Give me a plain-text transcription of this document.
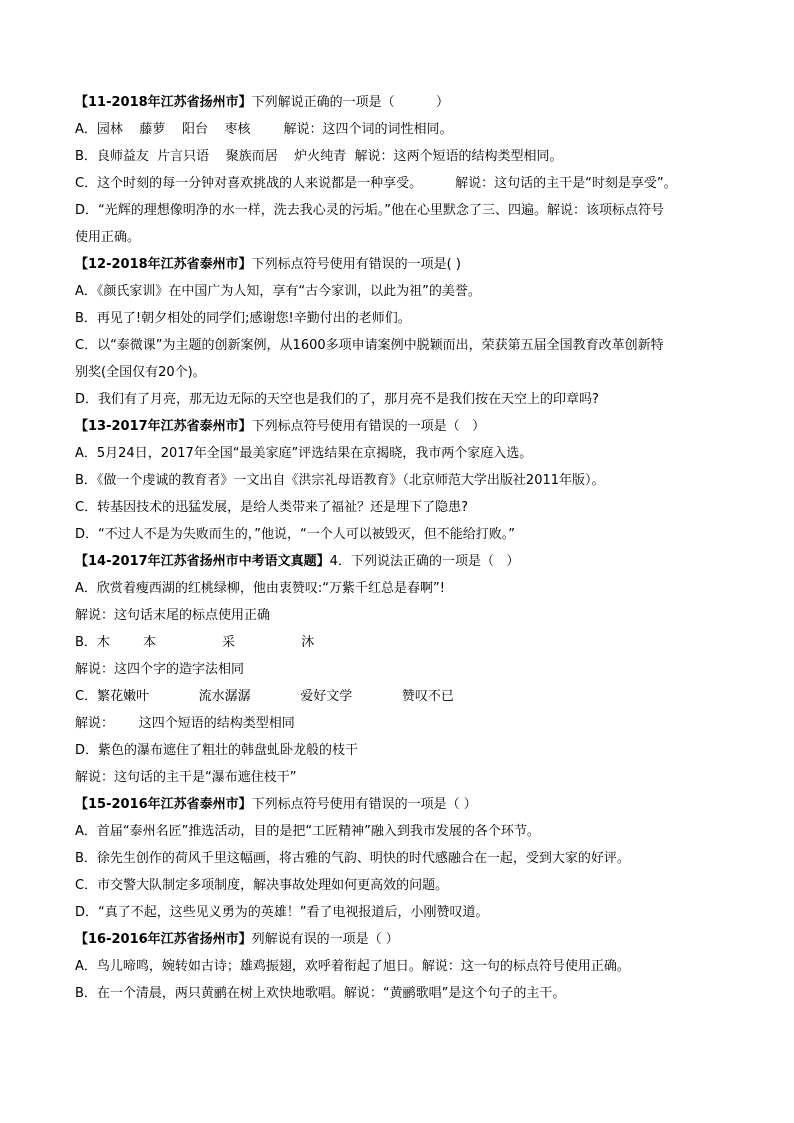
【11-2018年江苏省扬州市】下列解说正确的一项是（          ）
A．园林    藤萝    阳台    枣核        解说：这四个词的词性相同。
B．良师益友  片言只语    聚族而居    炉火纯青  解说：这两个短语的结构类型相同。
C．这个时刻的每一分钟对喜欢挑战的人来说都是一种享受。        解说：这句话的主干是“时刻是享受”。
D．“光辉的理想像明净的水一样，洗去我心灵的污垢。”他在心里默念了三、四遍。解说：该项标点符号
使用正确。
【12-2018年江苏省泰州市】下列标点符号使用有错误的一项是( )
A．《颜氏家训》在中国广为人知，享有“古今家训，以此为祖”的美誉。
B．再见了!朝夕相处的同学们;感谢您!辛勤付出的老师们。
C．以“泰微课”为主题的创新案例，从1600多项申请案例中脱颖而出，荣获第五届全国教育改革创新特
别奖(全国仅有20个)。
D．我们有了月亮，那无边无际的天空也是我们的了，那月亮不是我们按在天空上的印章吗?
【13-2017年江苏省泰州市】下列标点符号使用有错误的一项是（   ）
A．5月24日，2017年全国“最美家庭”评选结果在京揭晓，我市两个家庭入选。
B．《做一个虔诚的教育者》一文出自《洪宗礼母语教育》（北京师范大学出版社2011年版）。
C．转基因技术的迅猛发展，是给人类带来了福祉？还是埋下了隐患?
D．“不过人不是为失败而生的，”他说，“一个人可以被毁灭，但不能给打败。”
【14-2017年江苏省扬州市中考语文真题】4．下列说法正确的一项是（   ）
A．欣赏着瘦西湖的红桃绿柳，他由衷赞叹:“万紫千红总是春啊”!
解说：这句话末尾的标点使用正确
B．木        本                采                沐
解说：这四个字的造字法相同
C．繁花嫩叶            流水潺潺            爱好文学            赞叹不已
解说：      这四个短语的结构类型相同
D．紫色的瀑布遮住了粗壮的韩盘虬卧龙般的枝干
解说：这句话的主干是“瀑布遮住枝干”
【15-2016年江苏省泰州市】下列标点符号使用有错误的一项是（ ）
A．首届“泰州名匠”推选活动，目的是把“工匠精神”融入到我市发展的各个环节。
B．徐先生创作的荷风千里这幅画，将古雅的气韵、明快的时代感融合在一起，受到大家的好评。
C．市交警大队制定多项制度，解决事故处理如何更高效的问题。
D．“真了不起，这些见义勇为的英雄！”看了电视报道后，小刚赞叹道。
【16-2016年江苏省扬州市】列解说有误的一项是（ ）
A．鸟儿啼鸣，婉转如古诗；雄鸡振翅，欢呼着衔起了旭日。解说：这一句的标点符号使用正确。
B．在一个清晨，两只黄鹂在树上欢快地歌唱。解说：“黄鹂歌唱”是这个句子的主干。
